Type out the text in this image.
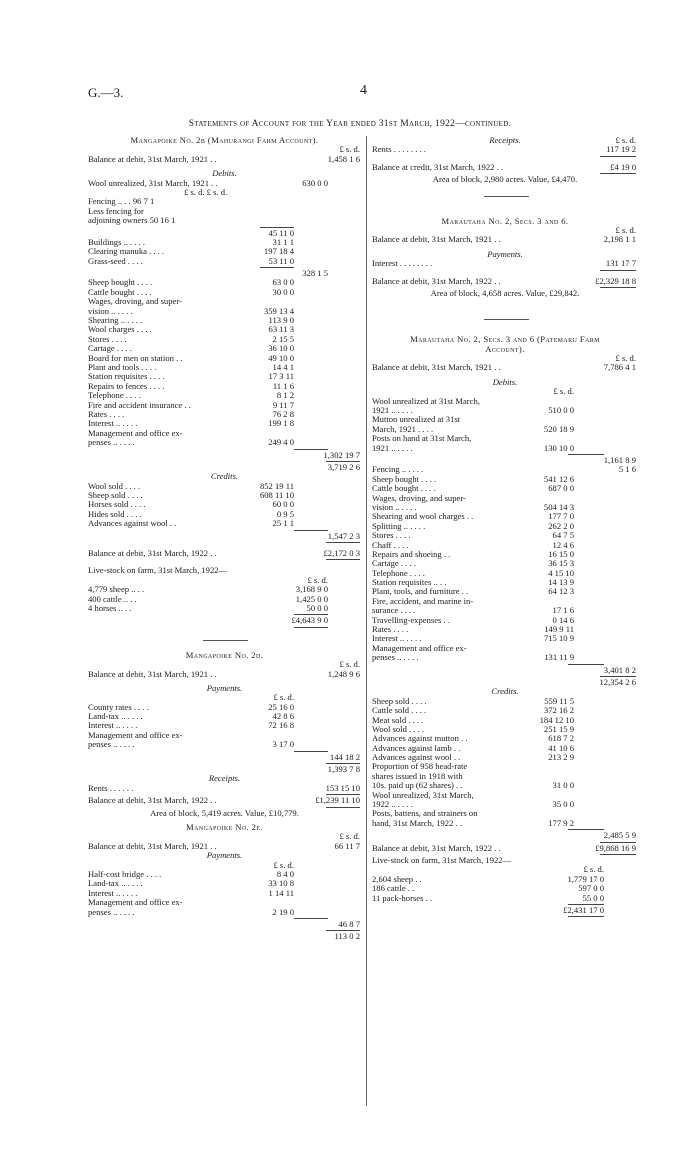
G.—3.	4
Statements of Account for the Year ended 31st March, 1922—continued.
Mangapoike No. 2b (Mahurangi Farm Account).
£ s. d.
Balance at debit, 31st March, 1921 . .	1,458 1 6
Debits.
Wool unrealized, 31st March, 1921 . .	630 0 0
£ s. d. £ s. d.
Fencing .. . . 96 7 1
Less fencing for
adjoining owners 50 16 1
45 11 0
Buildings .. . . . .	31 1 1
Clearing manuka . . . .	197 18 4
Grass-seed . . . .	53 11 0
328 1 5
Sheep bought . . . .	63 0 0
Cattle bought . . . .	30 0 0
Wages, droving, and super-
vision .. . . . .	359 13 4
Shearing .. . . . .	113 9 0
Wool charges . . . .	63 11 3
Stores . . . .	2 15 5
Cartage . . . .	36 10 0
Board for men on station . .	49 10 0
Plant and tools . . . .	14 4 1
Station requisites . . . .	17 3 11
Repairs to fences . . . .	11 1 6
Telephone . . . .	8 1 2
Fire and accident insurance . .	9 11 7
Rates . . . .	76 2 8
Interest .. . . . .	199 1 8
Management and office ex-
penses .. . . . .	249 4 0
1,302 19 7
3,719 2 6
Credits.
Wool sold . . . .	852 19 11
Sheep sold . . . .	608 11 10
Horses sold . . . .	60 0 0
Hides sold . . . .	0 9 5
Advances against wool . .	25 1 1
1,547 2 3
Balance at debit, 31st March, 1922 . .	£2,172 0 3
Live-stock on farm, 31st March, 1922—
£ s. d.
4,779 sheep .. . .	3,168 9 0
400 cattle .. . .	1,425 0 0
4 horses .. . .	50 0 0
£4,643 9 0
Mangapoike No. 2d.
£ s. d.
Balance at debit, 31st March, 1921 . .	1,248 9 6
Payments.
£ s. d.
County rates . . . .	25 16 0
Land-tax .. . . . .	42 8 6
Interest .. . . . .	72 16 8
Management and office ex-
penses .. . . . .	3 17 0
144 18 2
1,393 7 8
Receipts.
Rents . . . . . .	153 15 10
Balance at debit, 31st March, 1922 . .	£1,239 11 10
Area of block, 5,419 acres. Value, £10,779.
Mangapoike No. 2e.
£ s. d.
Balance at debit, 31st March, 1921 . .	66 11 7
Payments.
£ s. d.
Half-cost bridge . . . .	8 4 0
Land-tax .. . . . .	33 10 8
Interest .. . . . .	1 14 11
Management and office ex-
penses .. . . . .	2 19 0
46 8 7
113 0 2
Receipts.	£ s. d.
Rents . . . . . . . .	117 19 2
Balance at credit, 31st March, 1922 . .	£4 19 0
Area of block, 2,980 acres. Value, £4,470.
Marautaha No. 2, Secs. 3 and 6.
£ s. d.
Balance at debit, 31st March, 1921 . .	2,198 1 1
Payments.
Interest . . . . . . . .	131 17 7
Balance at debit, 31st March, 1922 . .	£2,329 18 8
Area of block, 4,658 acres. Value, £29,842.
Marautaha No. 2, Secs. 3 and 6 (Patemaru Farm
Account).
£ s. d.
Balance at debit, 31st March, 1921 . .	7,786 4 1
Debits.
£ s. d.
Wool unrealized at 31st March,
1921 .. . . . .	510 0 0
Mutton unrealized at 31st
March, 1921 . . . .	520 18 9
Posts on hand at 31st March,
1921 .. . . . .	130 10 0
1,161 8 9
Fencing .. . . . .	5 1 6
Sheep bought . . . .	541 12 6
Cattle bought . . . .	687 0 0
Wages, droving, and super-
vision .. . . . .	504 14 3
Shearing and wool charges . .	177 7 0
Splitting .. . . . .	262 2 0
Stores . . . .	64 7 5
Chaff . . . .	12 4 6
Repairs and shoeing . .	16 15 0
Cartage . . . .	36 15 3
Telephone . . . .	4 15 10
Station requisites .. . .	14 13 9
Plant, tools, and furniture . .	64 12 3
Fire, accident, and marine in-
surance . . . .	17 1 6
Travelling-expenses . .	0 14 6
Rates . . . .	149 9 11
Interest .. . . . .	715 10 9
Management and office ex-
penses .. . . . .	131 11 9
3,401 8 2
12,354 2 6
Credits.
Sheep sold . . . .	559 11 5
Cattle sold . . . .	372 16 2
Meat sold . . . .	184 12 10
Wool sold . . . .	251 15 9
Advances against mutton . .	618 7 2
Advances against lamb . .	41 10 6
Advances against wool . .	213 2 9
Proportion of 958 head-rate
shares issued in 1918 with
10s. paid up (62 shares) . .	31 0 0
Wool unrealized, 31st March,
1922 .. . . . .	35 0 0
Posts, battens, and strainers on
hand, 31st March, 1922 . .	177 9 2
2,485 5 9
Balance at debit, 31st March, 1922 . .	£9,868 16 9
Live-stock on farm, 31st March, 1922—
£ s. d.
2,604 sheep . .	1,779 17 0
186 cattle . .	597 0 0
11 pack-horses . .	55 0 0
£2,431 17 0
